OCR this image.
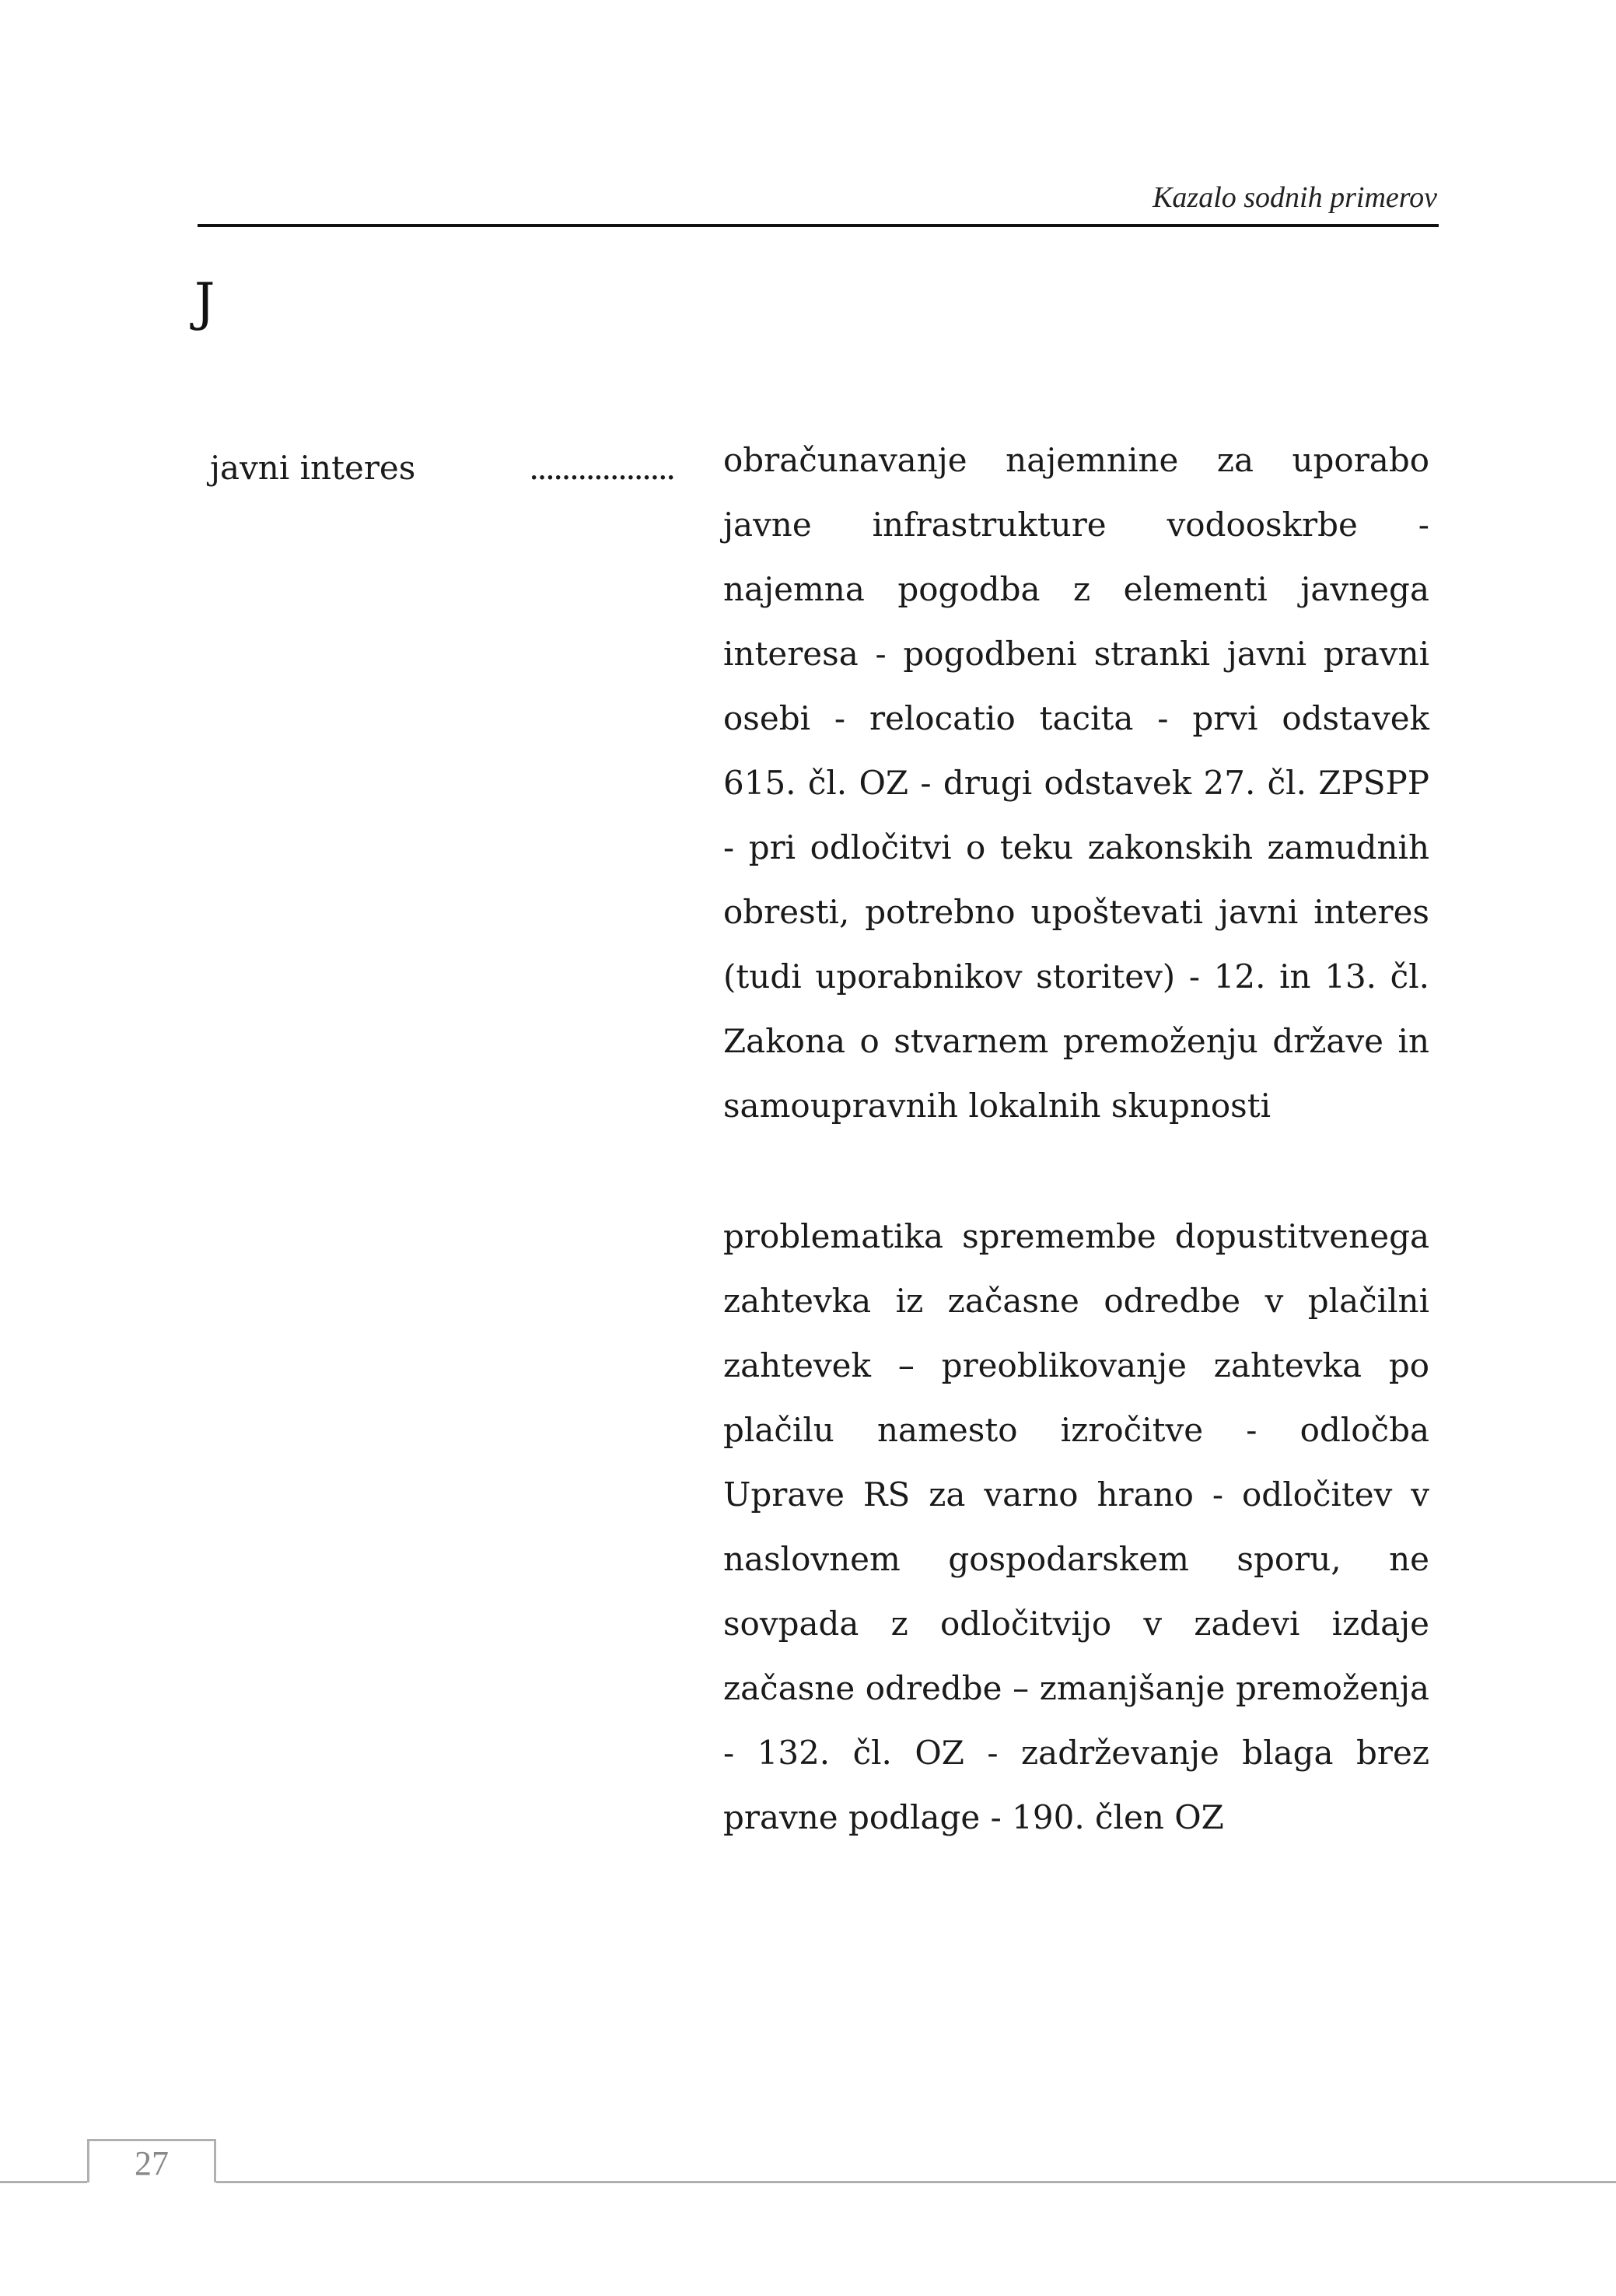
Kazalo sodnih primerov
J
javni interes	.................. obračunavanje najemnine za uporabo javne infrastrukture vodooskrbe - najemna pogodba z elementi javnega interesa - pogodbeni stranki javni pravni osebi - relocatio tacita - prvi odstavek 615. čl. OZ - drugi odstavek 27. čl. ZPSPP - pri odločitvi o teku zakonskih zamudnih obresti, potrebno upoštevati javni interes (tudi uporabnikov storitev) - 12. in 13. čl. Zakona o stvarnem premoženju države in samoupravnih lokalnih skupnosti
problematika spremembe dopustitvenega zahtevka iz začasne odredbe v plačilni zahtevek – preoblikovanje zahtevka po plačilu namesto izročitve - odločba Uprave RS za varno hrano - odločitev v naslovnem gospodarskem sporu, ne sovpada z odločitvijo v zadevi izdaje začasne odredbe – zmanjšanje premoženja - 132. čl. OZ - zadrževanje blaga brez pravne podlage - 190. člen OZ
27
